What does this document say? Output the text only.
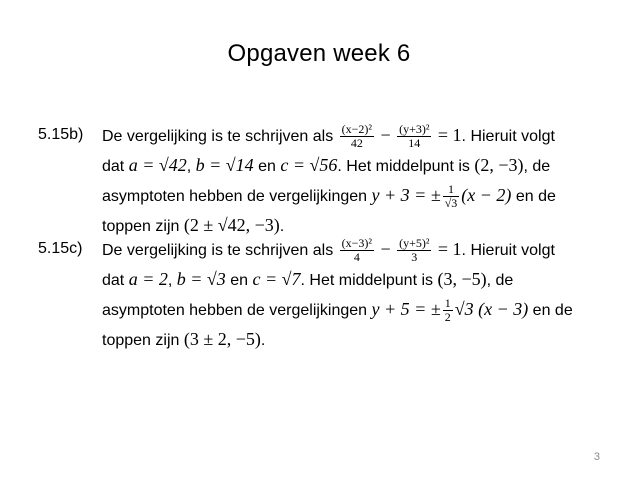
Opgaven week 6
5.15b) De vergelijking is te schrijven als $\frac{\text{(x−2)²}}{42} - \frac{\text{(y+3)²}}{14} = 1$. Hieruit volgt
dat a = √42, b = √14 en c = √56. Het middelpunt is (2, −3), de
asymptoten hebben de vergelijkingen y + 3 = ± $\frac{1}{√3} (x - 2)$ en de
toppen zijn (2 ± √42, −3).
5.15c) De vergelijking is te schrijven als $\frac{\text{(x−3)²}}{4} - \frac{\text{(y+5)²}}{3} = 1$. Hieruit volgt
dat a = 2, b = √3 en c = √7. Het middelpunt is (3, −5), de
asymptoten hebben de vergelijkingen y + 5 = ± $\frac{1}{2} √3$ (x − 3) en de
toppen zijn (3 ± 2, −5).
3
